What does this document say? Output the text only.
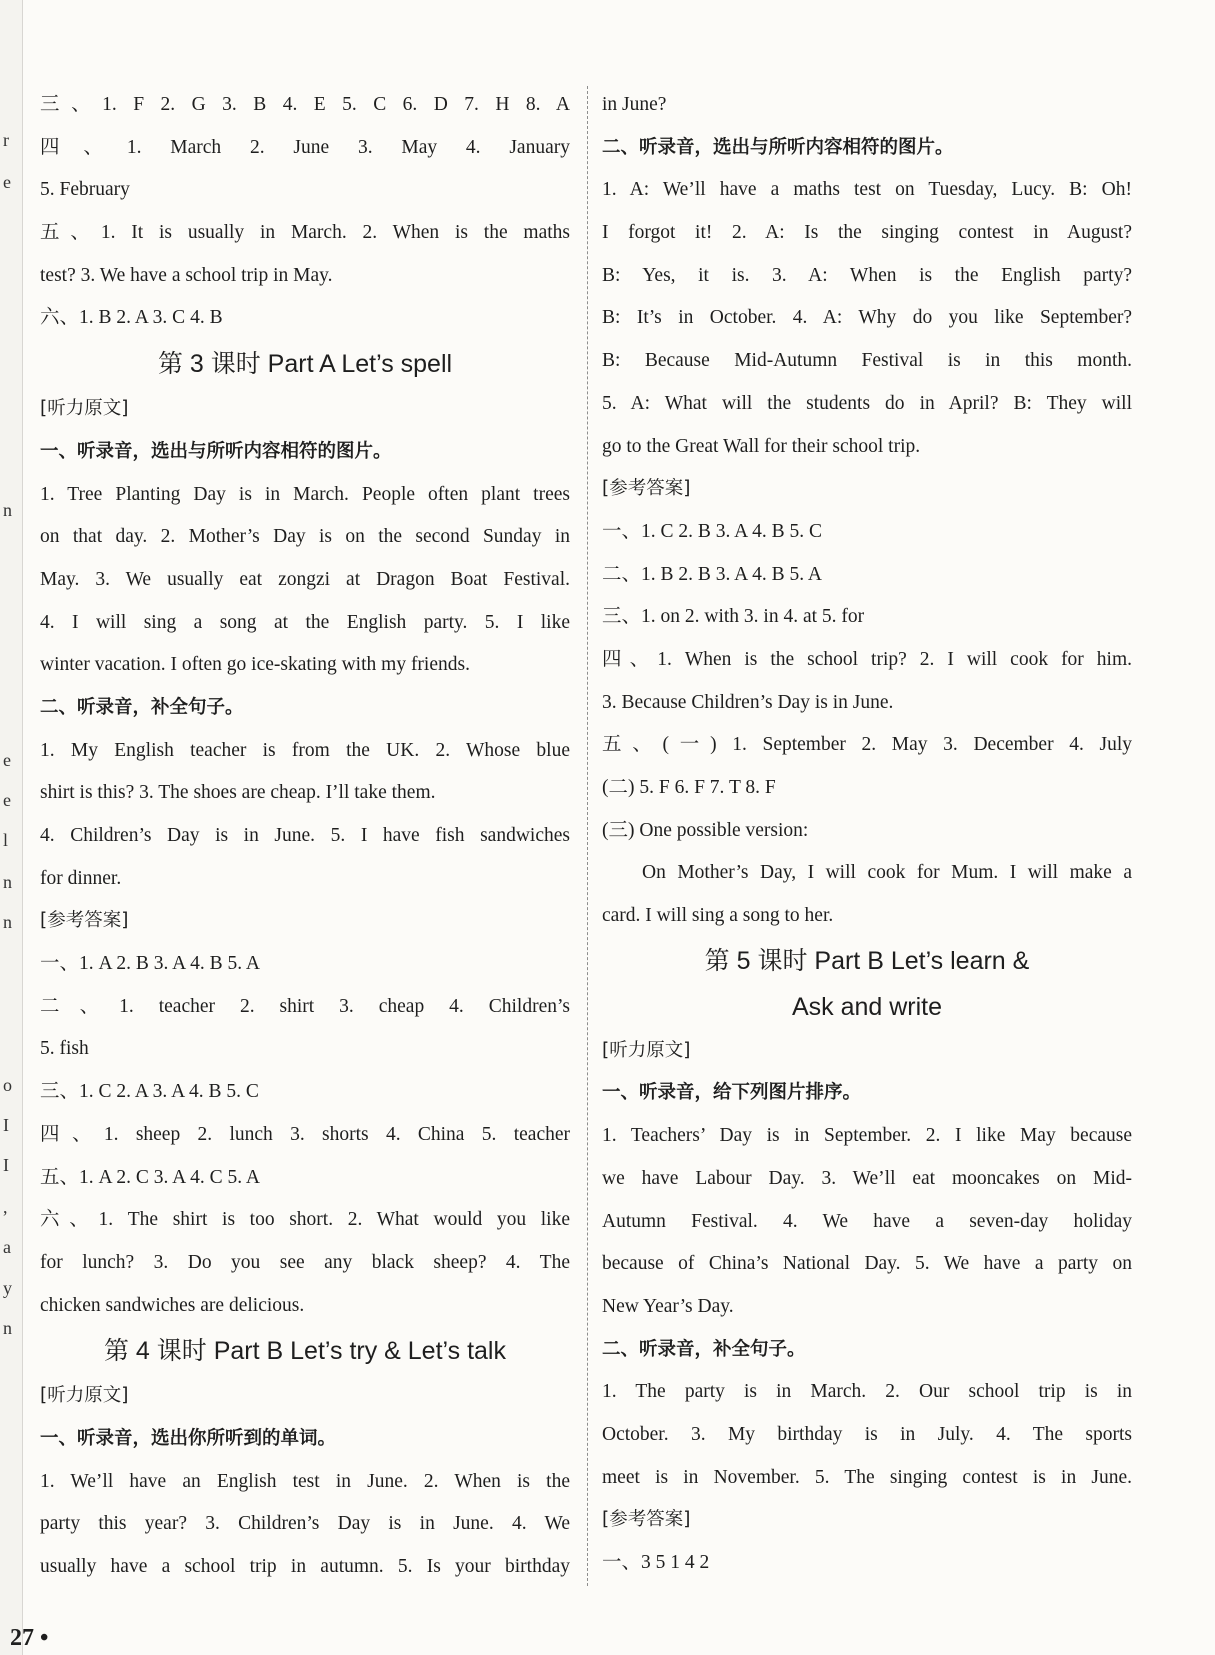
r
e
n
e
e
l
n
n
o
I
I
,
a
y
n
三、1. F 2. G 3. B 4. E 5. C 6. D 7. H 8. A
四、1. March 2. June 3. May 4. January
5. February
五、1. It is usually in March. 2. When is the maths
test? 3. We have a school trip in May.
六、1. B 2. A 3. C 4. B
第 3 课时 Part A Let’s spell
[听力原文]
一、听录音，选出与所听内容相符的图片。
1. Tree Planting Day is in March. People often plant trees
on that day. 2. Mother’s Day is on the second Sunday in
May. 3. We usually eat zongzi at Dragon Boat Festival.
4. I will sing a song at the English party. 5. I like
winter vacation. I often go ice-skating with my friends.
二、听录音，补全句子。
1. My English teacher is from the UK. 2. Whose blue
shirt is this? 3. The shoes are cheap. I’ll take them.
4. Children’s Day is in June. 5. I have fish sandwiches
for dinner.
[参考答案]
一、1. A 2. B 3. A 4. B 5. A
二、1. teacher 2. shirt 3. cheap 4. Children’s
5. fish
三、1. C 2. A 3. A 4. B 5. C
四、1. sheep 2. lunch 3. shorts 4. China 5. teacher
五、1. A 2. C 3. A 4. C 5. A
六、1. The shirt is too short. 2. What would you like
for lunch? 3. Do you see any black sheep? 4. The
chicken sandwiches are delicious.
第 4 课时 Part B Let’s try & Let’s talk
[听力原文]
一、听录音，选出你所听到的单词。
1. We’ll have an English test in June. 2. When is the
party this year? 3. Children’s Day is in June. 4. We
usually have a school trip in autumn. 5. Is your birthday
in June?
二、听录音，选出与所听内容相符的图片。
1. A: We’ll have a maths test on Tuesday, Lucy. B: Oh!
I forgot it! 2. A: Is the singing contest in August?
B: Yes, it is. 3. A: When is the English party?
B: It’s in October. 4. A: Why do you like September?
B: Because Mid-Autumn Festival is in this month.
5. A: What will the students do in April? B: They will
go to the Great Wall for their school trip.
[参考答案]
一、1. C 2. B 3. A 4. B 5. C
二、1. B 2. B 3. A 4. B 5. A
三、1. on 2. with 3. in 4. at 5. for
四、1. When is the school trip? 2. I will cook for him.
3. Because Children’s Day is in June.
五、(一) 1. September 2. May 3. December 4. July
(二) 5. F 6. F 7. T 8. F
(三) One possible version:
On Mother’s Day, I will cook for Mum. I will make a
card. I will sing a song to her.
第 5 课时 Part B Let’s learn &
Ask and write
[听力原文]
一、听录音，给下列图片排序。
1. Teachers’ Day is in September. 2. I like May because
we have Labour Day. 3. We’ll eat mooncakes on Mid-
Autumn Festival. 4. We have a seven-day holiday
because of China’s National Day. 5. We have a party on
New Year’s Day.
二、听录音，补全句子。
1. The party is in March. 2. Our school trip is in
October. 3. My birthday is in July. 4. The sports
meet is in November. 5. The singing contest is in June.
[参考答案]
一、3 5 1 4 2
27 •
